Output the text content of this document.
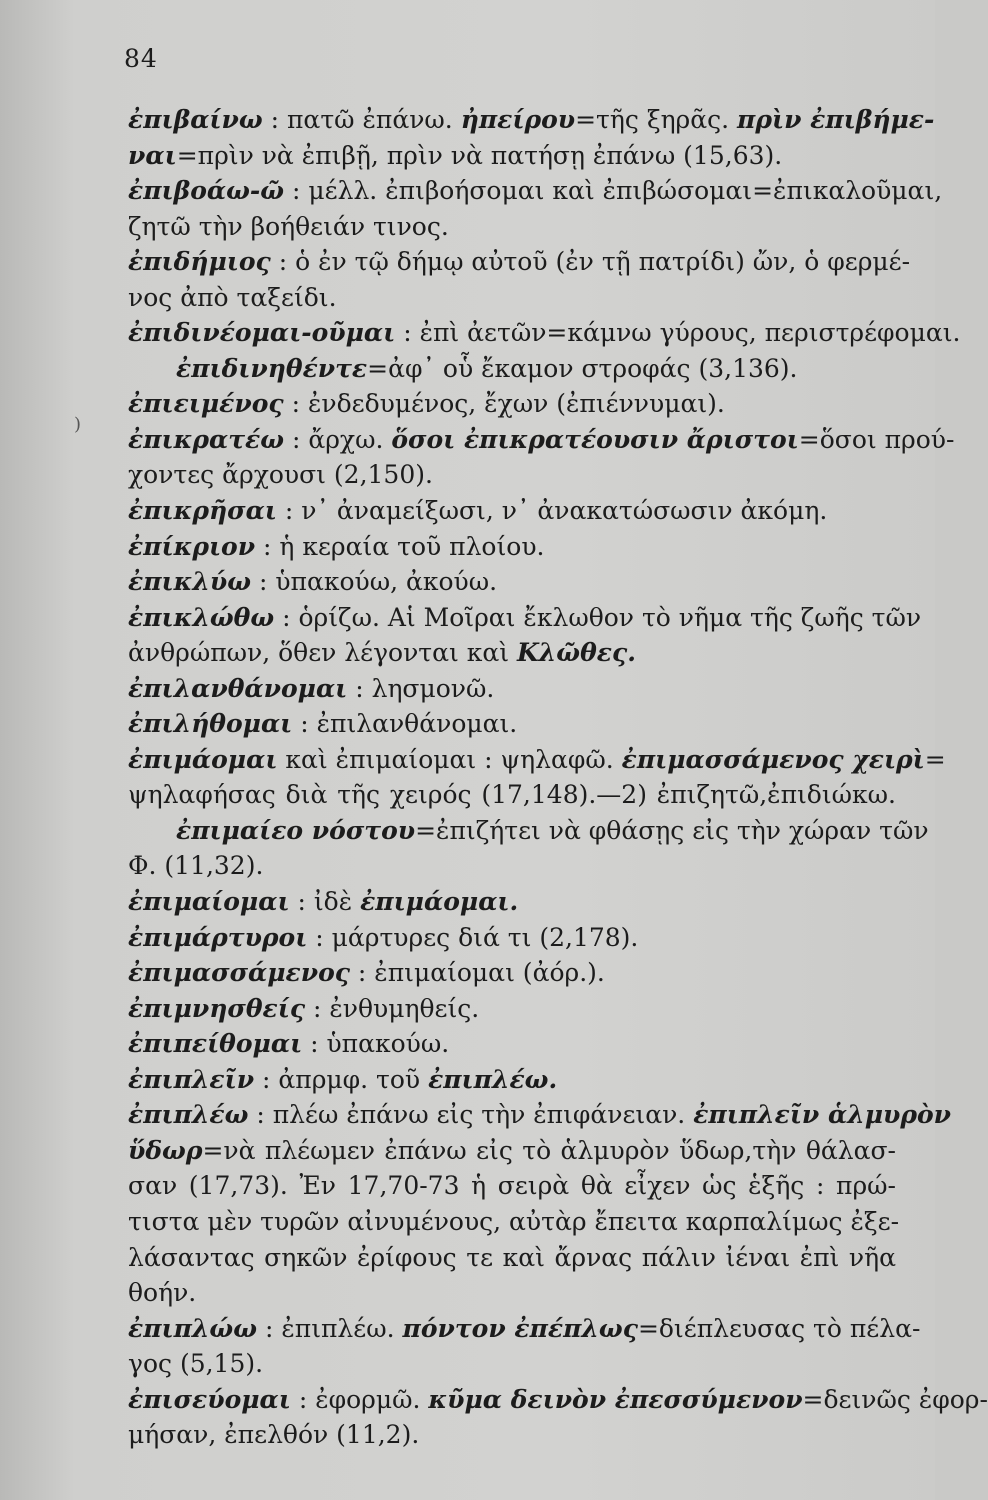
84
)
ἐπιβαίνω : πατῶ ἐπάνω. ἠπείρου=τῆς ξηρᾶς. πρὶν ἐπιβήμε-
ναι=πρὶν νὰ ἐπιβῇ, πρὶν νὰ πατήσῃ ἐπάνω (15,63).
ἐπιβοάω-ῶ : μέλλ. ἐπιβοήσομαι καὶ ἐπιβώσομαι=ἐπικαλοῦμαι,
ζητῶ τὴν βοήθειάν τινος.
ἐπιδήμιος : ὁ ἐν τῷ δήμῳ αὐτοῦ (ἐν τῇ πατρίδι) ὤν, ὁ φερμέ-
νος ἀπὸ ταξείδι.
ἐπιδινέομαι-οῦμαι : ἐπὶ ἀετῶν=κάμνω γύρους, περιστρέφομαι.
ἐπιδινηθέντε=ἀφ᾽ οὗ ἔκαμον στροφάς (3,136).
ἐπιειμένος : ἐνδεδυμένος, ἔχων (ἐπιέννυμαι).
ἐπικρατέω : ἄρχω. ὅσοι ἐπικρατέουσιν ἄριστοι=ὅσοι πρού-
χοντες ἄρχουσι (2,150).
ἐπικρῆσαι : ν᾽ ἀναμείξωσι, ν᾽ ἀνακατώσωσιν ἀκόμη.
ἐπίκριον : ἡ κεραία τοῦ πλοίου.
ἐπικλύω : ὑπακούω, ἀκούω.
ἐπικλώθω : ὁρίζω. Αἱ Μοῖραι ἔκλωθον τὸ νῆμα τῆς ζωῆς τῶν
ἀνθρώπων, ὅθεν λέγονται καὶ Κλῶθες.
ἐπιλανθάνομαι : λησμονῶ.
ἐπιλήθομαι : ἐπιλανθάνομαι.
ἐπιμάομαι καὶ ἐπιμαίομαι : ψηλαφῶ. ἐπιμασσάμενος χειρὶ=
ψηλαφήσας διὰ τῆς χειρός (17,148).—2) ἐπιζητῶ,ἐπιδιώκω.
ἐπιμαίεο νόστου=ἐπιζήτει νὰ φθάσῃς εἰς τὴν χώραν τῶν
Φ. (11,32).
ἐπιμαίομαι : ἰδὲ ἐπιμάομαι.
ἐπιμάρτυροι : μάρτυρες διά τι (2,178).
ἐπιμασσάμενος : ἐπιμαίομαι (ἀόρ.).
ἐπιμνησθείς : ἐνθυμηθείς.
ἐπιπείθομαι : ὑπακούω.
ἐπιπλεῖν : ἀπρμφ. τοῦ ἐπιπλέω.
ἐπιπλέω : πλέω ἐπάνω εἰς τὴν ἐπιφάνειαν. ἐπιπλεῖν ἁλμυρὸν
ὕδωρ=νὰ πλέωμεν ἐπάνω εἰς τὸ ἁλμυρὸν ὕδωρ,τὴν θάλασ-
σαν (17,73). Ἐν 17,70-73 ἡ σειρὰ θὰ εἶχεν ὡς ἑξῆς : πρώ-
τιστα μὲν τυρῶν αἰνυμένους, αὐτὰρ ἔπειτα καρπαλίμως ἐξε-
λάσαντας σηκῶν ἐρίφους τε καὶ ἄρνας πάλιν ἰέναι ἐπὶ νῆα
θοήν.
ἐπιπλώω : ἐπιπλέω. πόντον ἐπέπλως=διέπλευσας τὸ πέλα-
γος (5,15).
ἐπισεύομαι : ἐφορμῶ. κῦμα δεινὸν ἐπεσσύμενον=δεινῶς ἐφορ-
μήσαν, ἐπελθόν (11,2).
